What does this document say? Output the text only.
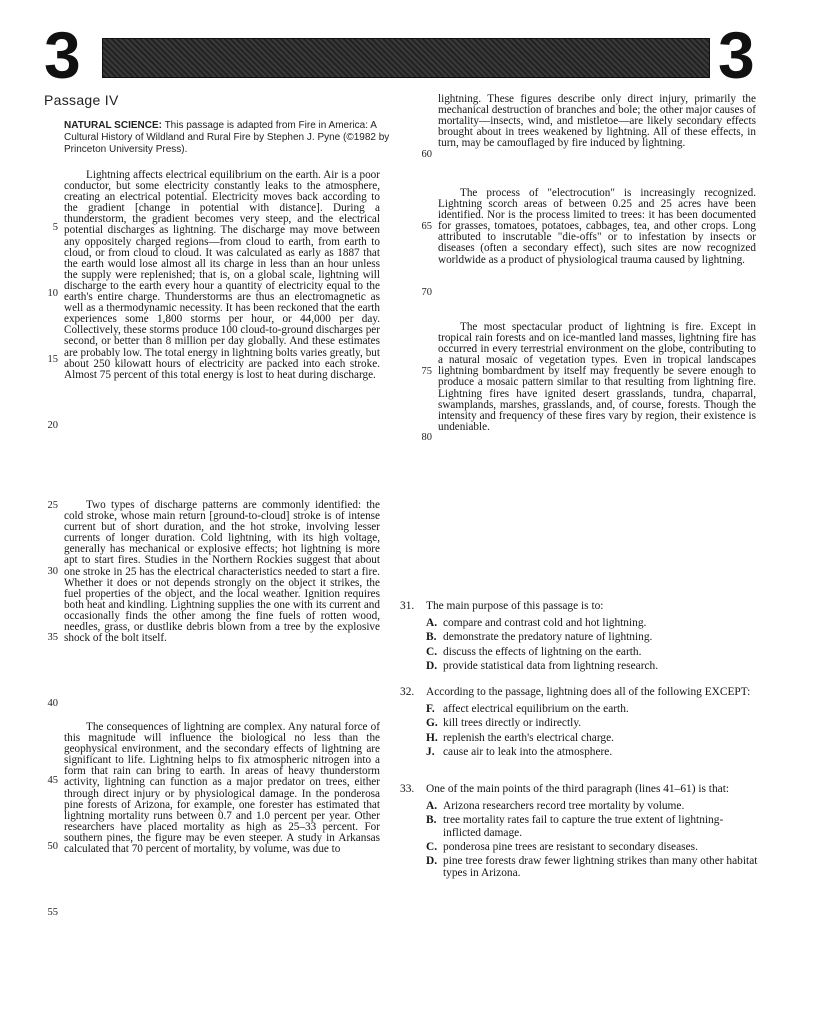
3	3
Passage IV
NATURAL SCIENCE: This passage is adapted from Fire in America: A Cultural History of Wildland and Rural Fire by Stephen J. Pyne (©1982 by Princeton University Press).

Lightning affects electrical equilibrium on the earth. Air is a poor conductor, but some electricity constantly leaks to the atmosphere, creating an electrical potential. Electricity moves back according to the gradient [change in potential with distance]. During a thunderstorm, the gradient becomes very steep, and the electrical potential discharges as lightning. The discharge may move between any oppositely charged regions—from cloud to earth, from earth to cloud, or from cloud to cloud. It was calculated as early as 1887 that the earth would lose almost all its charge in less than an hour unless the supply were replenished; that is, on a global scale, lightning will discharge to the earth every hour a quantity of electricity equal to the earth's entire charge. Thunderstorms are thus an electromagnetic as well as a thermodynamic necessity. It has been reckoned that the earth experiences some 1,800 storms per hour, or 44,000 per day. Collectively, these storms produce 100 cloud-to-ground discharges per second, or better than 8 million per day globally. And these estimates are probably low. The total energy in lightning bolts varies greatly, but about 250 kilowatt hours of electricity are packed into each stroke. Almost 75 percent of this total energy is lost to heat during discharge.

Two types of discharge patterns are commonly identified: the cold stroke, whose main return [ground-to-cloud] stroke is of intense current but of short duration, and the hot stroke, involving lesser currents of longer duration. Cold lightning, with its high voltage, generally has mechanical or explosive effects; hot lightning is more apt to start fires. Studies in the Northern Rockies suggest that about one stroke in 25 has the electrical characteristics needed to start a fire. Whether it does or not depends strongly on the object it strikes, the fuel properties of the object, and the local weather. Ignition requires both heat and kindling. Lightning supplies the one with its current and occasionally finds the other among the fine fuels of rotten wood, needles, grass, or dustlike debris blown from a tree by the explosive shock of the bolt itself.

The consequences of lightning are complex. Any natural force of this magnitude will influence the biological no less than the geophysical environment, and the secondary effects of lightning are significant to life. Lightning helps to fix atmospheric nitrogen into a form that rain can bring to earth. In areas of heavy thunderstorm activity, lightning can function as a major predator on trees, either through direct injury or by physiological damage. In the ponderosa pine forests of Arizona, for example, one forester has estimated that lightning mortality runs between 0.7 and 1.0 percent per year. Other researchers have placed mortality as high as 25–33 percent. For southern pines, the figure may be even steeper. A study in Arkansas calculated that 70 percent of mortality, by volume, was due to

lightning. These figures describe only direct injury, primarily the mechanical destruction of branches and bole; the other major causes of mortality—insects, wind, and mistletoe—are likely secondary effects brought about in trees weakened by lightning. All of these effects, in turn, may be camouflaged by fire induced by lightning.

The process of "electrocution" is increasingly recognized. Lightning scorch areas of between 0.25 and 25 acres have been identified. Nor is the process limited to trees: it has been documented for grasses, tomatoes, potatoes, cabbages, tea, and other crops. Long attributed to inscrutable "die-offs" or to infestation by insects or diseases (often a secondary effect), such sites are now recognized worldwide as a product of physiological trauma caused by lightning.

The most spectacular product of lightning is fire. Except in tropical rain forests and on ice-mantled land masses, lightning fire has occurred in every terrestrial environment on the globe, contributing to a natural mosaic of vegetation types. Even in tropical landscapes lightning bombardment by itself may frequently be severe enough to produce a mosaic pattern similar to that resulting from lightning fire. Lightning fires have ignited desert grasslands, tundra, chaparral, swamplands, marshes, grasslands, and, of course, forests. Though the intensity and frequency of these fires vary by region, their existence is undeniable.

5
10
15
20
25
30
35
40
45
50
55
60
65
70
75
80
31.	The main purpose of this passage is to:
A. compare and contrast cold and hot lightning.
B. demonstrate the predatory nature of lightning.
C. discuss the effects of lightning on the earth.
D. provide statistical data from lightning research.
32.	According to the passage, lightning does all of the following EXCEPT:
F. affect electrical equilibrium on the earth.
G. kill trees directly or indirectly.
H. replenish the earth's electrical charge.
J. cause air to leak into the atmosphere.
33.	One of the main points of the third paragraph (lines 41–61) is that:
A. Arizona researchers record tree mortality by volume.
B. tree mortality rates fail to capture the true extent of lightning-inflicted damage.
C. ponderosa pine trees are resistant to secondary diseases.
D. pine tree forests draw fewer lightning strikes than many other habitat types in Arizona.
